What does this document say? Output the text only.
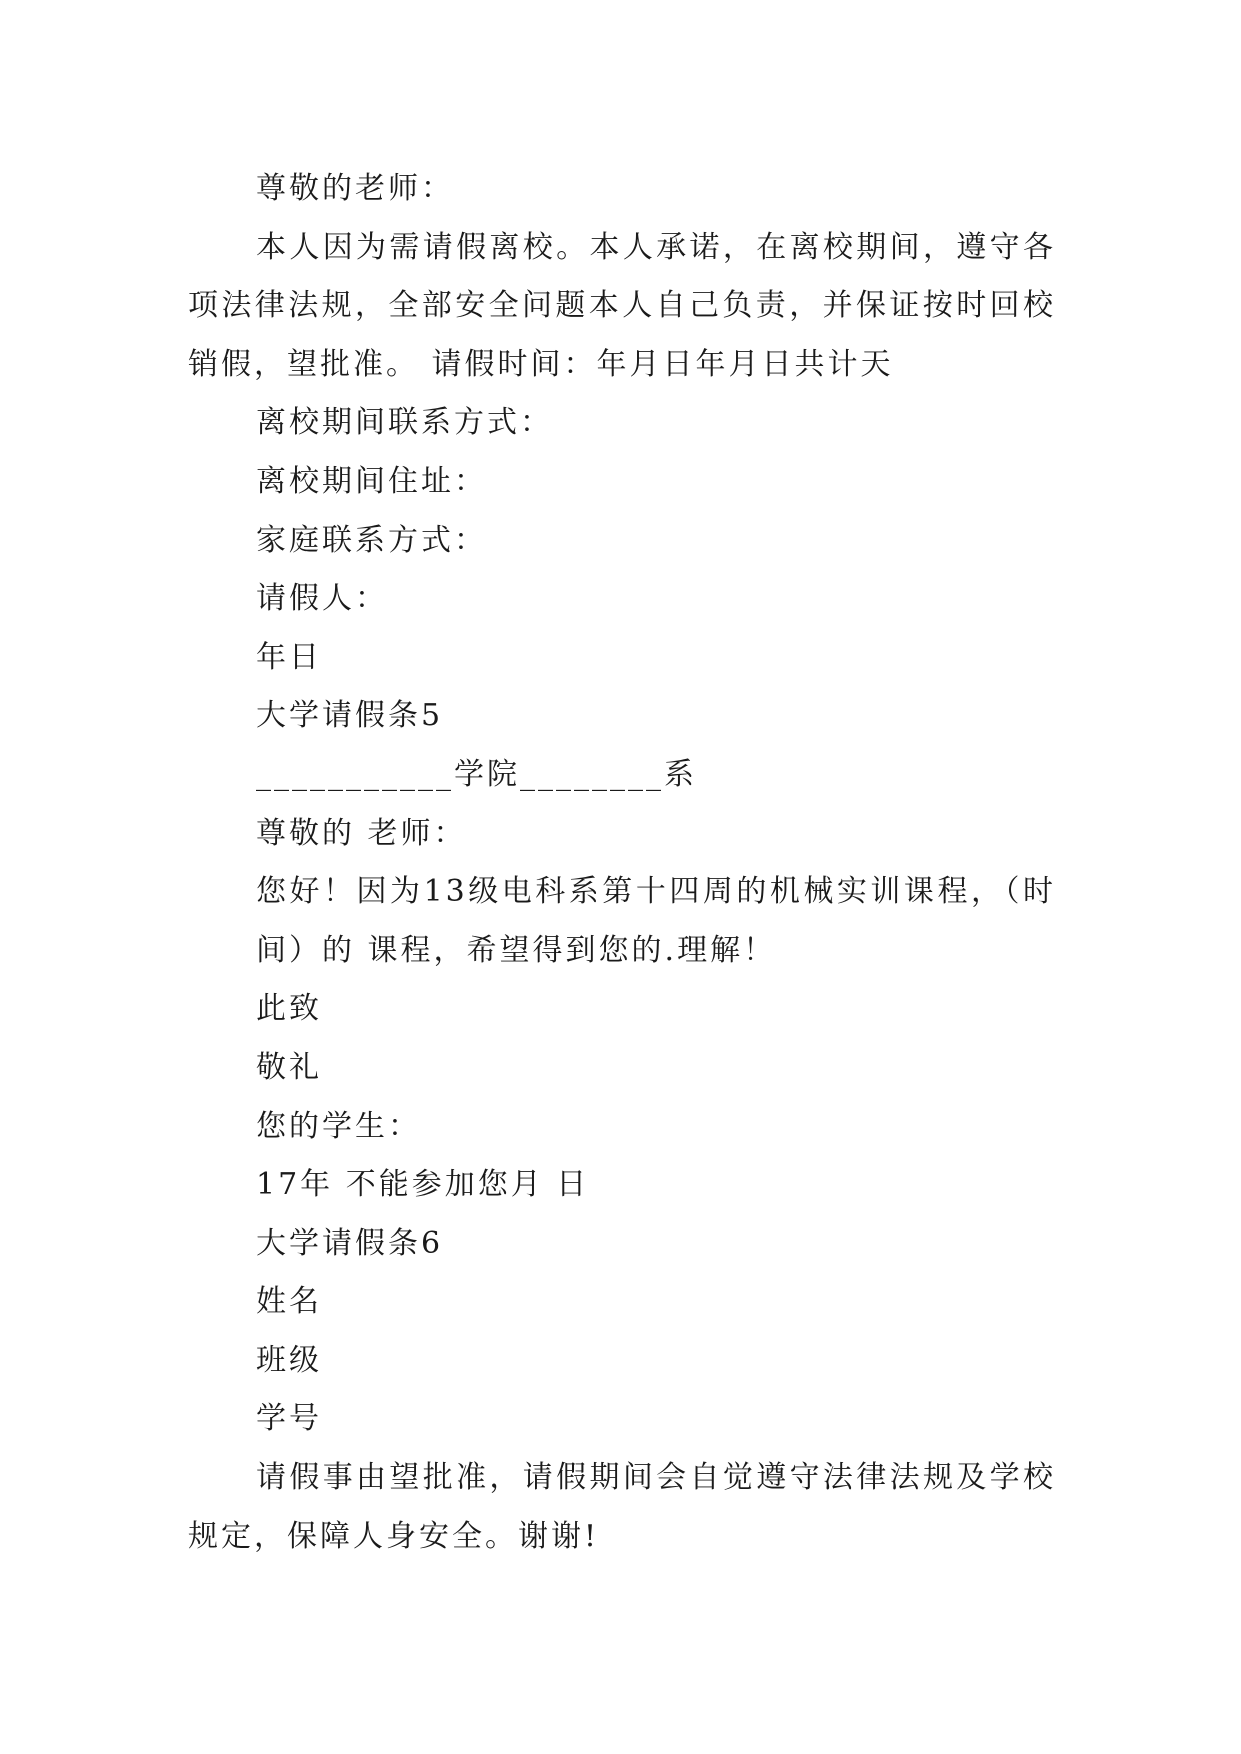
尊敬的老师：
本人因为需请假离校。本人承诺，在离校期间，遵守各
项法律法规，全部安全问题本人自己负责，并保证按时回校
销假，望批准。 请假时间：年月日年月日共计天
离校期间联系方式：
离校期间住址：
家庭联系方式：
请假人：
年日
大学请假条5
___________学院________系
尊敬的 老师：
您好！因为13级电科系第十四周的机械实训课程，（时
间）的 课程，希望得到您的.理解！
此致
敬礼
您的学生：
17年 不能参加您月 日
大学请假条6
姓名
班级
学号
请假事由望批准，请假期间会自觉遵守法律法规及学校
规定，保障人身安全。谢谢!
